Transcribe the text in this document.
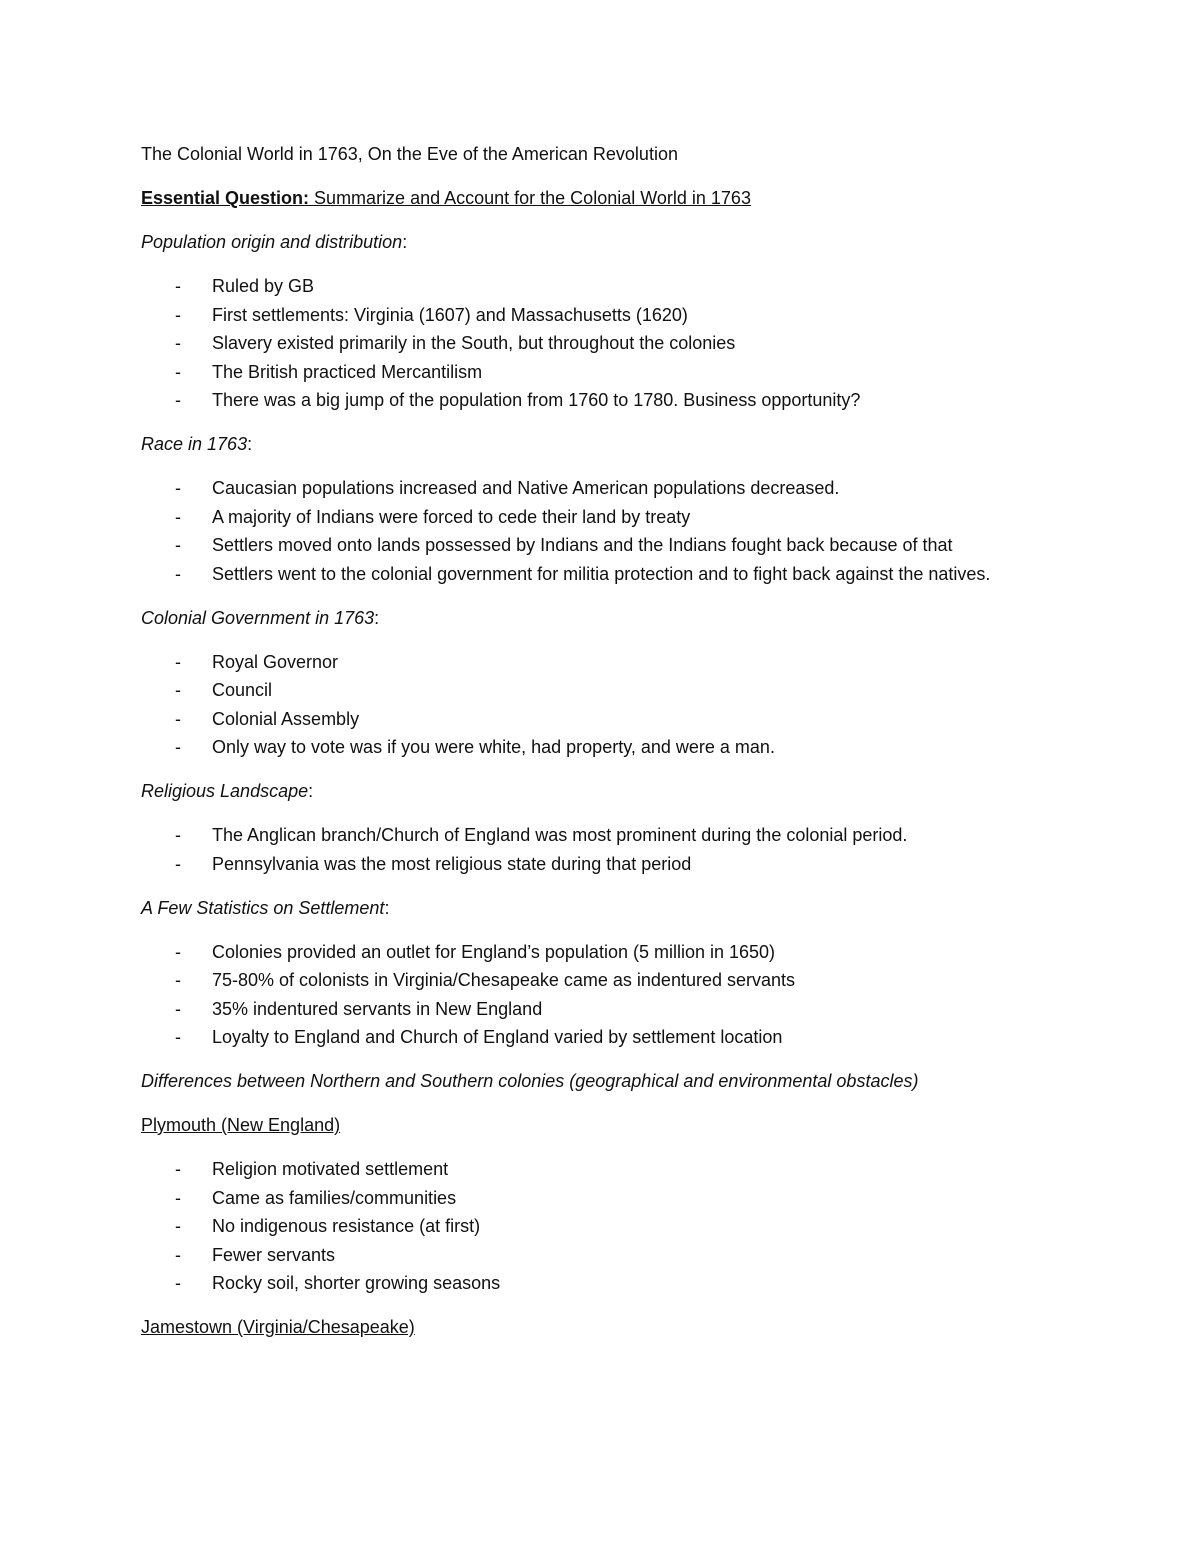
The Colonial World in 1763, On the Eve of the American Revolution

Essential Question: Summarize and Account for the Colonial World in 1763

Population origin and distribution:

- Ruled by GB
- First settlements: Virginia (1607) and Massachusetts (1620)
- Slavery existed primarily in the South, but throughout the colonies
- The British practiced Mercantilism
- There was a big jump of the population from 1760 to 1780. Business opportunity?

Race in 1763:

- Caucasian populations increased and Native American populations decreased.
- A majority of Indians were forced to cede their land by treaty
- Settlers moved onto lands possessed by Indians and the Indians fought back because of that
- Settlers went to the colonial government for militia protection and to fight back against the natives.

Colonial Government in 1763:

- Royal Governor
- Council
- Colonial Assembly
- Only way to vote was if you were white, had property, and were a man.

Religious Landscape:

- The Anglican branch/Church of England was most prominent during the colonial period.
- Pennsylvania was the most religious state during that period

A Few Statistics on Settlement:

- Colonies provided an outlet for England’s population (5 million in 1650)
- 75-80% of colonists in Virginia/Chesapeake came as indentured servants
- 35% indentured servants in New England
- Loyalty to England and Church of England varied by settlement location

Differences between Northern and Southern colonies (geographical and environmental obstacles)

Plymouth (New England)

- Religion motivated settlement
- Came as families/communities
- No indigenous resistance (at first)
- Fewer servants
- Rocky soil, shorter growing seasons

Jamestown (Virginia/Chesapeake)
